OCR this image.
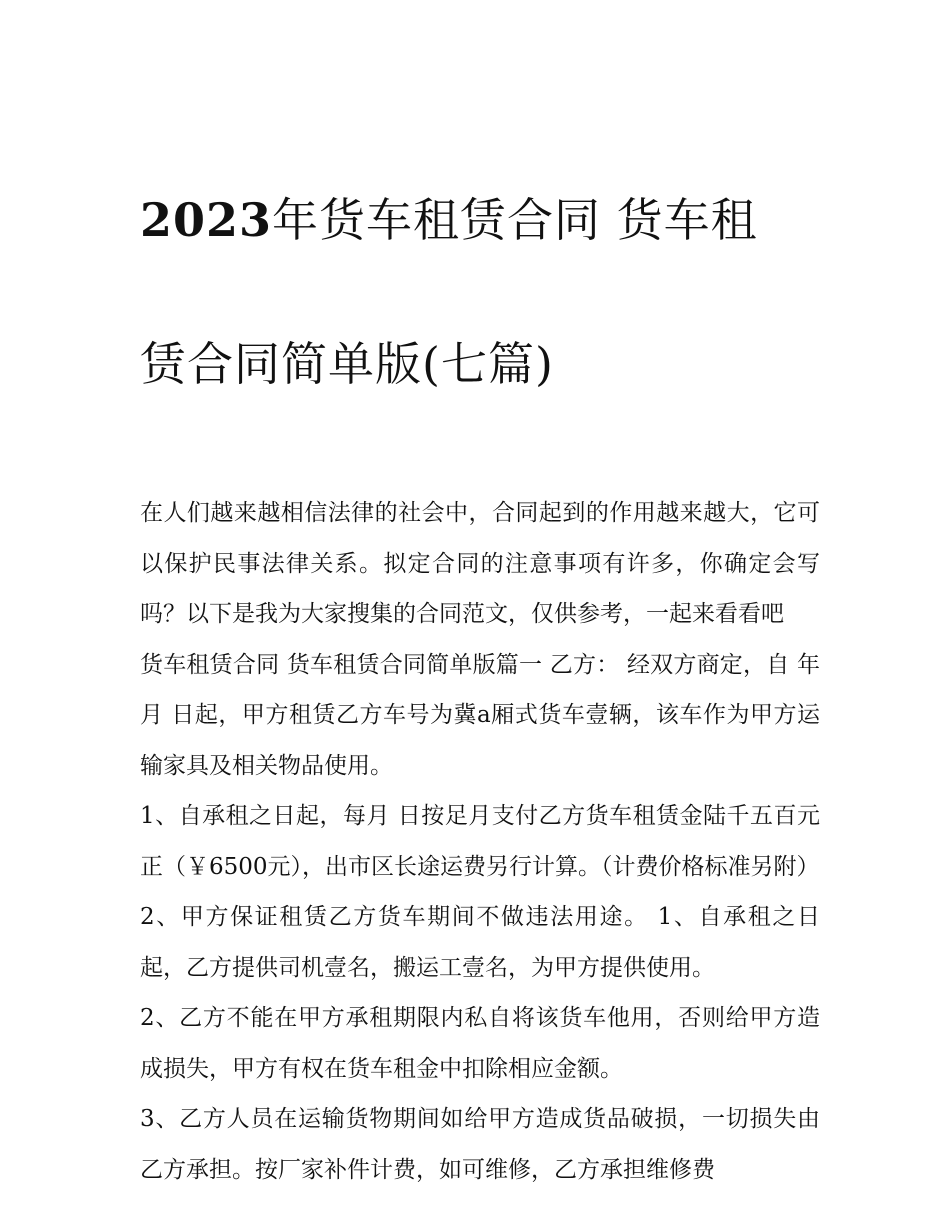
2023年货车租赁合同 货车租

赁合同简单版(七篇)

在人们越来越相信法律的社会中，合同起到的作用越来越大，它可以保护民事法律关系。拟定合同的注意事项有许多，你确定会写吗？以下是我为大家搜集的合同范文，仅供参考，一起来看看吧

货车租赁合同 货车租赁合同简单版篇一 乙方： 经双方商定，自 年 月 日起，甲方租赁乙方车号为冀a厢式货车壹辆，该车作为甲方运输家具及相关物品使用。

1、自承租之日起，每月 日按足月支付乙方货车租赁金陆千五百元正（￥6500元），出市区长途运费另行计算。（计费价格标准另附）

2、甲方保证租赁乙方货车期间不做违法用途。 1、自承租之日起，乙方提供司机壹名，搬运工壹名，为甲方提供使用。

2、乙方不能在甲方承租期限内私自将该货车他用，否则给甲方造成损失，甲方有权在货车租金中扣除相应金额。

3、乙方人员在运输货物期间如给甲方造成货品破损，一切损失由乙方承担。按厂家补件计费，如可维修，乙方承担维修费
